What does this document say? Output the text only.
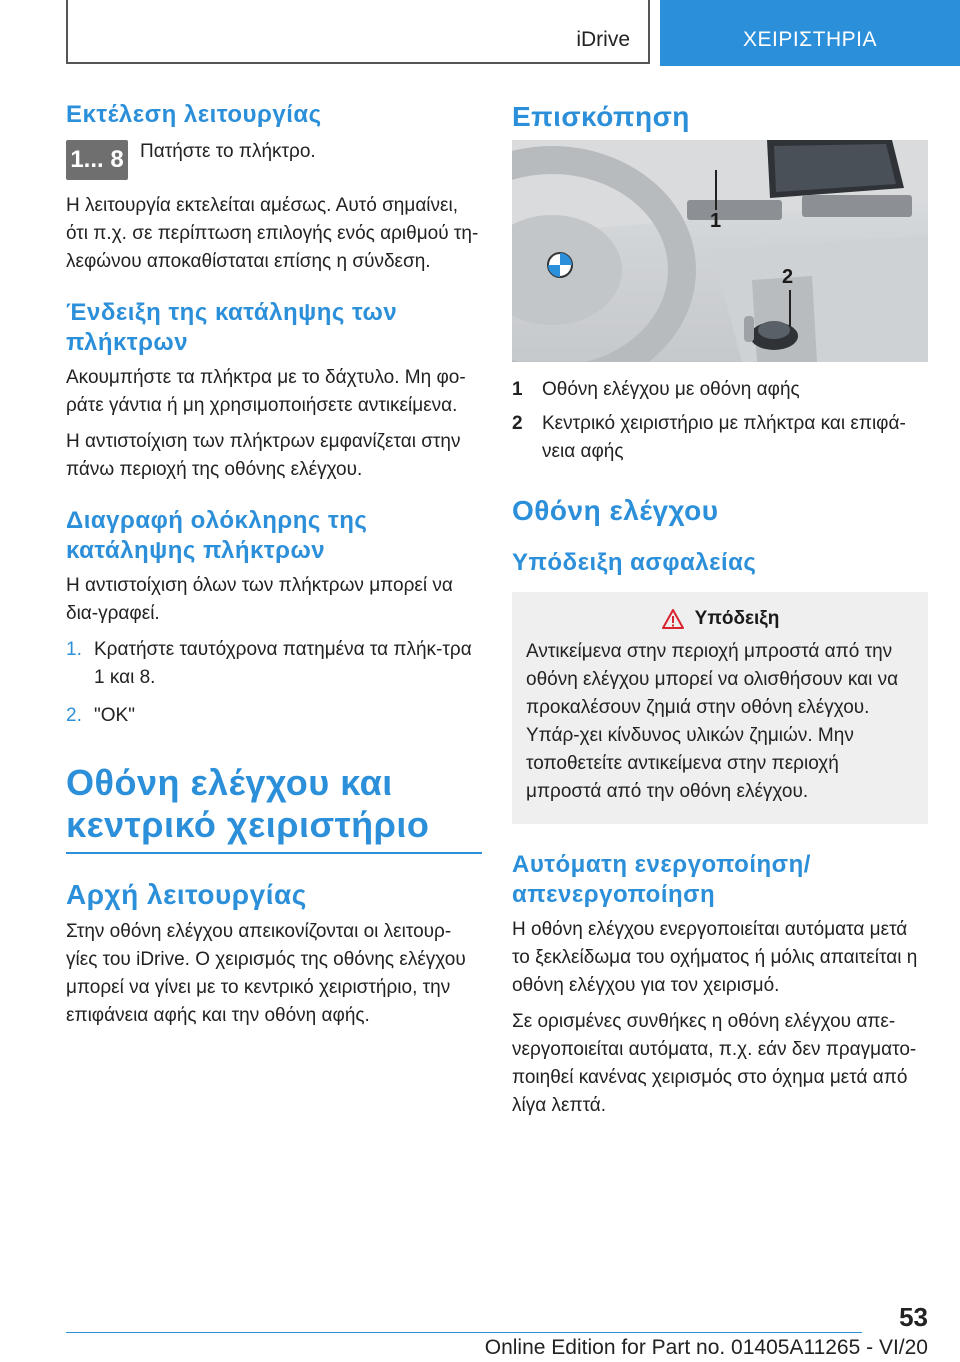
iDrive	ΧΕΙΡΙΣΤΗΡΙΑ
Εκτέλεση λειτουργίας
1... 8 Πατήστε το πλήκτρο.

Η λειτουργία εκτελείται αμέσως. Αυτό σημαίνει, ότι π.χ. σε περίπτωση επιλογής ενός αριθμού τη-λεφώνου αποκαθίσταται επίσης η σύνδεση.

Ένδειξη της κατάληψης των πλήκτρων

Ακουμπήστε τα πλήκτρα με το δάχτυλο. Μη φο-ράτε γάντια ή μη χρησιμοποιήσετε αντικείμενα.

Η αντιστοίχιση των πλήκτρων εμφανίζεται στην πάνω περιοχή της οθόνης ελέγχου.

Διαγραφή ολόκληρης της κατάληψης πλήκτρων

Η αντιστοίχιση όλων των πλήκτρων μπορεί να δια-γραφεί.

1. Κρατήστε ταυτόχρονα πατημένα τα πλήκ-τρα 1 και 8.
2. "OK"
Οθόνη ελέγχου και
κεντρικό χειριστήριο
Αρχή λειτουργίας

Στην οθόνη ελέγχου απεικονίζονται οι λειτουρ-γίες του iDrive. Ο χειρισμός της οθόνης ελέγχου μπορεί να γίνει με το κεντρικό χειριστήριο, την επιφάνεια αφής και την οθόνη αφής.

Επισκόπηση
1
2
1	Οθόνη ελέγχου με οθόνη αφής
2	Κεντρικό χειριστήριο με πλήκτρα και επιφά-νεια αφής
Οθόνη ελέγχου
Υπόδειξη ασφαλείας
Υπόδειξη

Αντικείμενα στην περιοχή μπροστά από την οθόνη ελέγχου μπορεί να ολισθήσουν και να προκαλέσουν ζημιά στην οθόνη ελέγχου. Υπάρ-χει κίνδυνος υλικών ζημιών. Μην τοποθετείτε αντικείμενα στην περιοχή μπροστά από την οθόνη ελέγχου.

Αυτόματη ενεργοποίηση/ απενεργοποίηση

Η οθόνη ελέγχου ενεργοποιείται αυτόματα μετά το ξεκλείδωμα του οχήματος ή μόλις απαιτείται η οθόνη ελέγχου για τον χειρισμό.

Σε ορισμένες συνθήκες η οθόνη ελέγχου απε-νεργοποιείται αυτόματα, π.χ. εάν δεν πραγματο-ποιηθεί κανένας χειρισμός στο όχημα μετά από λίγα λεπτά.

53
Online Edition for Part no. 01405A11265 - VI/20
